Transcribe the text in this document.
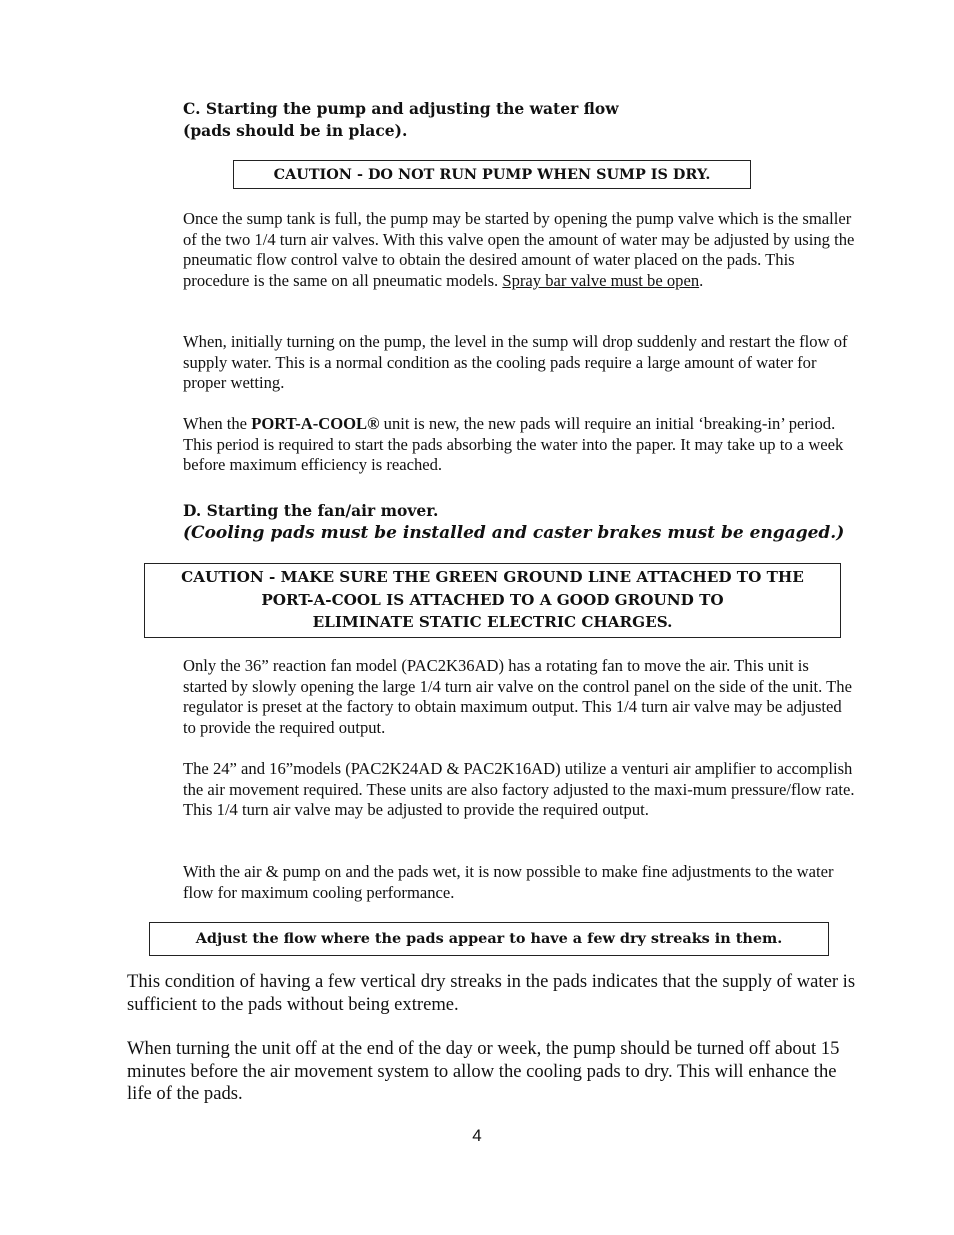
C. Starting the pump and adjusting the water flow
(pads should be in place).
CAUTION - DO NOT RUN PUMP WHEN SUMP IS DRY.
Once the sump tank is full, the pump may be started by opening the pump valve which is the smaller of the two 1/4 turn air valves. With this valve open the amount of water may be adjusted by using the pneumatic flow control valve to obtain the desired amount of water placed on the pads. This procedure is the same on all pneumatic models. Spray bar valve must be open.
When, initially turning on the pump, the level in the sump will drop suddenly and restart the flow of supply water. This is a normal condition as the cooling pads require a large amount of water for proper wetting.
When the PORT-A-COOL® unit is new, the new pads will require an initial ‘breaking-in’ period. This period is required to start the pads absorbing the water into the paper. It may take up to a week before maximum efficiency is reached.
D. Starting the fan/air mover.
(Cooling pads must be installed and caster brakes must be engaged.)
CAUTION - MAKE SURE THE GREEN GROUND LINE ATTACHED TO THE
PORT-A-COOL IS ATTACHED TO A GOOD GROUND TO
ELIMINATE STATIC ELECTRIC CHARGES.
Only the 36” reaction fan model (PAC2K36AD) has a rotating fan to move the air. This unit is started by slowly opening the large 1/4 turn air valve on the control panel on the side of the unit. The regulator is preset at the factory to obtain maximum output. This 1/4 turn air valve may be adjusted to provide the required output.
The 24” and 16”models (PAC2K24AD & PAC2K16AD) utilize a venturi air amplifier to accomplish the air movement required. These units are also factory adjusted to the maxi-mum pressure/flow rate. This 1/4 turn air valve may be adjusted to provide the required output.
With the air & pump on and the pads wet, it is now possible to make fine adjustments to the water flow for maximum cooling performance.
Adjust the flow where the pads appear to have a few dry streaks in them.
This condition of having a few vertical dry streaks in the pads indicates that the supply of water is sufficient to the pads without being extreme.
When turning the unit off at the end of the day or week, the pump should be turned off about 15 minutes before the air movement system to allow the cooling pads to dry. This will enhance the life of the pads.
4
